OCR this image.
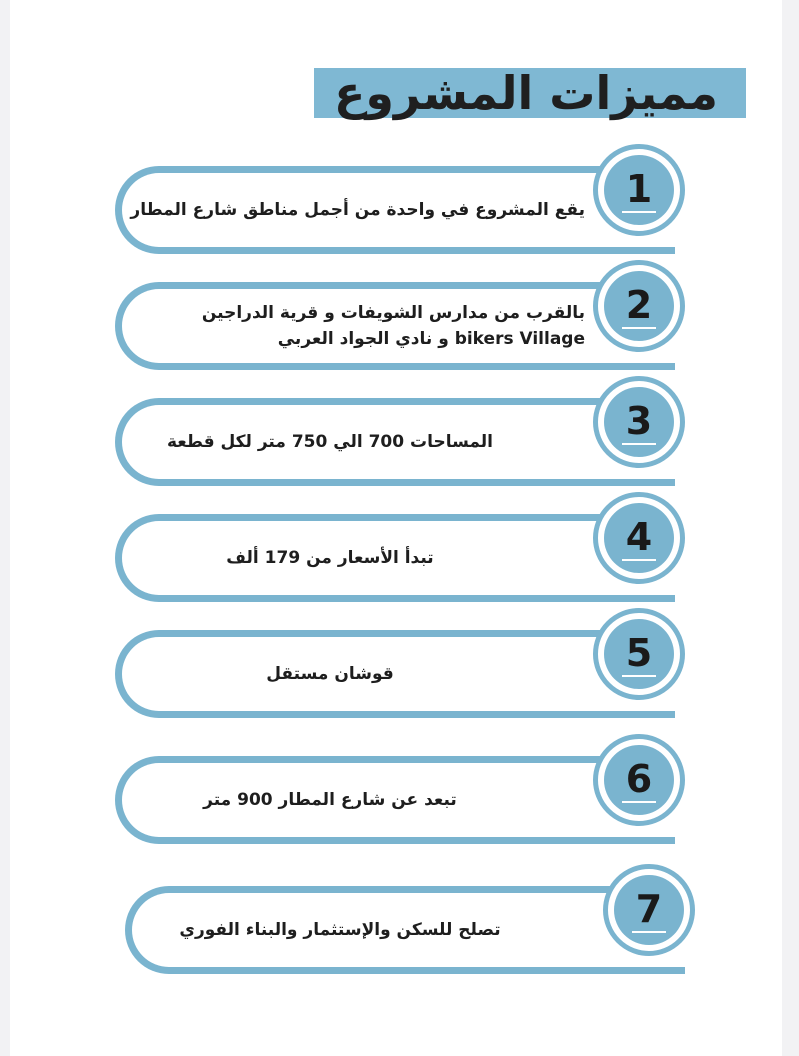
مميزات المشروع
يقع المشروع في واحدة من أجمل مناطق شارع المطار 1
بالقرب من مدارس الشويفات و قرية الدراجين
bikers Village و نادي الجواد العربي
2
المساحات 700 الي 750 متر لكل قطعة	3
تبدأ الأسعار من 179 ألف	4
قوشان مستقل	5
تبعد عن شارع المطار 900 متر	6
تصلح للسكن والإستثمار والبناء الفوري	7
